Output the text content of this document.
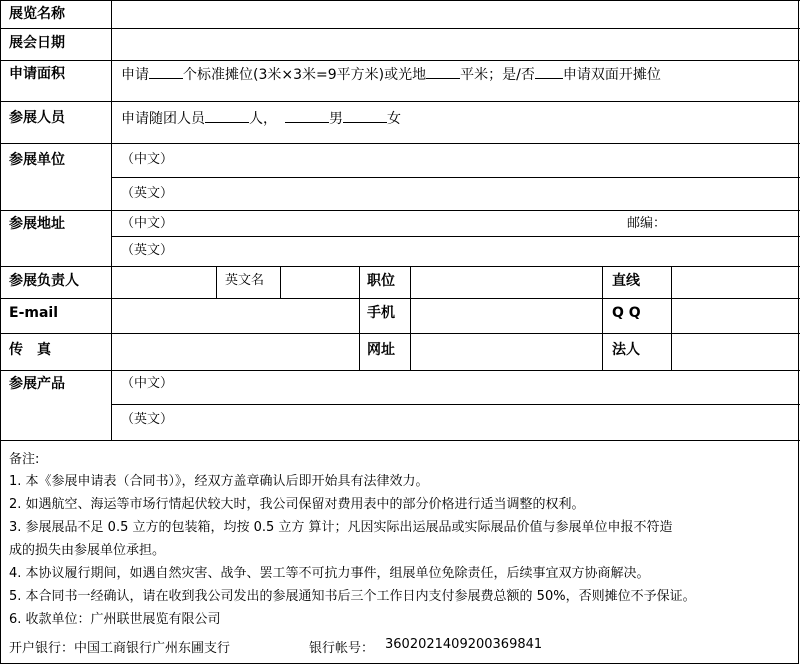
展览名称
展会日期
申请面积	申请 个标准摊位(3米×3米=9平方米)或光地 平米；是/否 申请双面开摊位
参展人员	申请随团人员	人，	男	女
参展单位	（中文）
（英文）
参展地址	（中文）	邮编：
（英文）
参展负责人	英文名	职位	直线
E-mail	手机	Q Q
传　真	网址	法人
参展产品	（中文）
（英文）
备注:
1. 本《参展申请表（合同书）》，经双方盖章确认后即开始具有法律效力。
2. 如遇航空、海运等市场行情起伏较大时，我公司保留对费用表中的部分价格进行适当调整的权利。
3. 参展展品不足 0.5 立方的包装箱，均按 0.5 立方 算计；凡因实际出运展品或实际展品价值与参展单位申报不符造
成的损失由参展单位承担。
4. 本协议履行期间，如遇自然灾害、战争、罢工等不可抗力事件，组展单位免除责任，后续事宜双方协商解决。
5. 本合同书一经确认，请在收到我公司发出的参展通知书后三个工作日内支付参展费总额的 50%，否则摊位不予保证。
6. 收款单位：广州联世展览有限公司
开户银行：中国工商银行广州东圃支行	银行帐号： 3602021409200369841
